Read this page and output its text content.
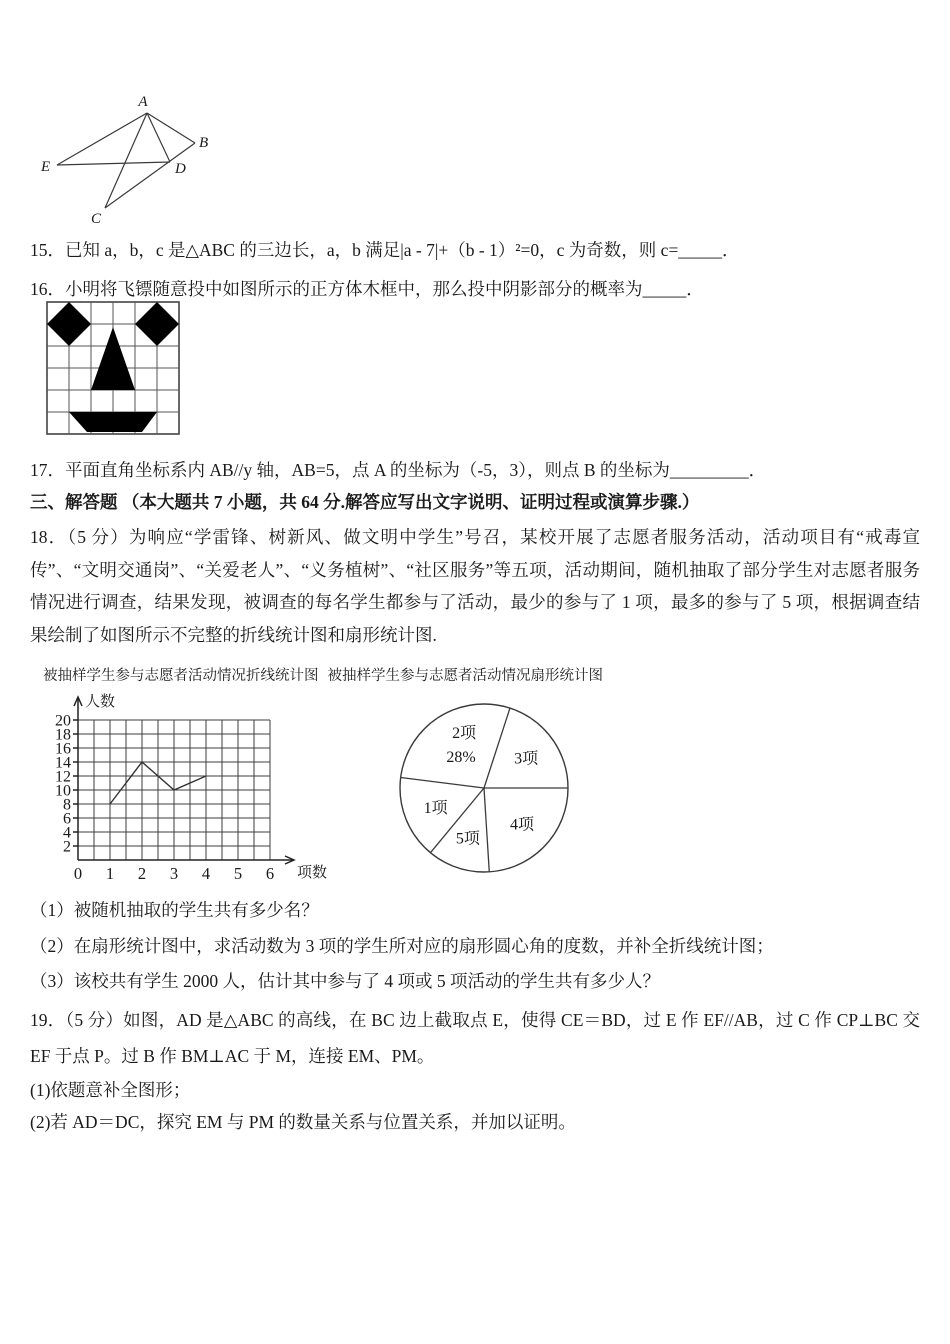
A
B
E	D
C
15．已知 a，b，c 是△ABC 的三边长，a，b 满足|a - 7|+（b - 1）²=0，c 为奇数，则 c=_____．
16．小明将飞镖随意投中如图所示的正方体木框中，那么投中阴影部分的概率为_____．
17．平面直角坐标系内 AB//y 轴，AB=5，点 A 的坐标为（-5，3），则点 B 的坐标为_________．
三、解答题 （本大题共 7 小题，共 64 分.解答应写出文字说明、证明过程或演算步骤.）
18．（5 分）为响应“学雷锋、树新风、做文明中学生”号召，某校开展了志愿者服务活动，活动项目有“戒毒宣传”、“文明交通岗”、“关爱老人”、“义务植树”、“社区服务”等五项，活动期间，随机抽取了部分学生对志愿者服务情况进行调查，结果发现，被调查的每名学生都参与了活动，最少的参与了 1 项，最多的参与了 5 项，根据调查结果绘制了如图所示不完整的折线统计图和扇形统计图.
被抽样学生参与志愿者活动情况折线统计图 被抽样学生参与志愿者活动情况扇形统计图
2
4
6
8
10
12
14
16
18
20
0 1 2 3 4 5 6
人数
项数
3项
2项
28%
1项
5项
4项
（1）被随机抽取的学生共有多少名？
（2）在扇形统计图中，求活动数为 3 项的学生所对应的扇形圆心角的度数，并补全折线统计图；
（3）该校共有学生 2000 人，估计其中参与了 4 项或 5 项活动的学生共有多少人？
19．（5 分）如图，AD 是△ABC 的高线，在 BC 边上截取点 E，使得 CE＝BD，过 E 作 EF//AB，过 C 作 CP⊥BC 交 EF 于点 P。过 B 作 BM⊥AC 于 M，连接 EM、PM。
(1)依题意补全图形；
(2)若 AD＝DC，探究 EM 与 PM 的数量关系与位置关系，并加以证明。
